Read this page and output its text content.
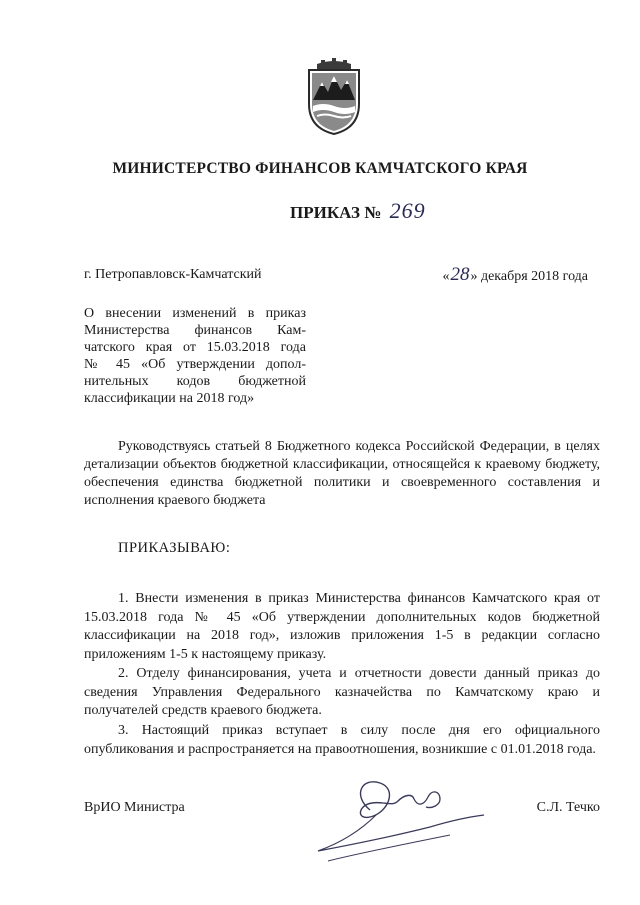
МИНИСТЕРСТВО ФИНАНСОВ КАМЧАТСКОГО КРАЯ
ПРИКАЗ № 269
г. Петропавловск-Камчатский	«28» декабря 2018 года
О внесении изменений в приказ
Министерства финансов Кам-
чатского края от 15.03.2018 года
№ 45 «Об утверждении допол-
нительных кодов бюджетной
классификации на 2018 год»
Руководствуясь статьей 8 Бюджетного кодекса Российской Федерации, в целях детализации объектов бюджетной классификации, относящейся к краевому бюджету, обеспечения единства бюджетной политики и своевременного составления и исполнения краевого бюджета
ПРИКАЗЫВАЮ:
1. Внести изменения в приказ Министерства финансов Камчатского края от 15.03.2018 года № 45 «Об утверждении дополнительных кодов бюджетной классификации на 2018 год», изложив приложения 1-5 в редакции согласно приложениям 1-5 к настоящему приказу.
2. Отделу финансирования, учета и отчетности довести данный приказ до сведения Управления Федерального казначейства по Камчатскому краю и получателей средств краевого бюджета.
3. Настоящий приказ вступает в силу после дня его официального опубликования и распространяется на правоотношения, возникшие с 01.01.2018 года.
ВрИО Министра	С.Л. Течко
